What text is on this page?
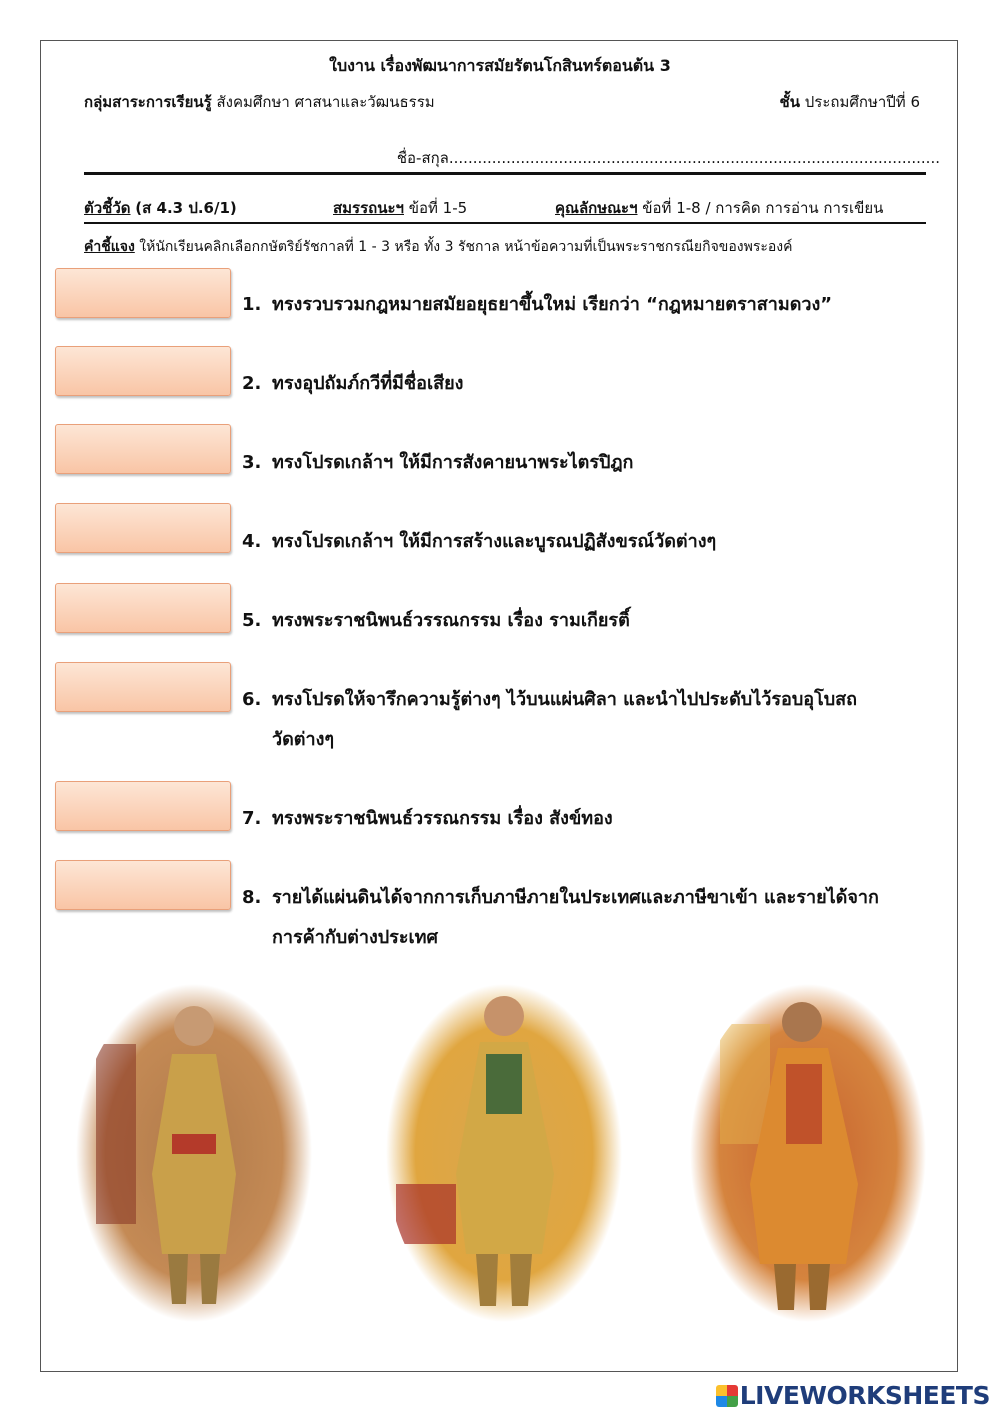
ใบงาน เรื่องพัฒนาการสมัยรัตนโกสินทร์ตอนต้น 3
กลุ่มสาระการเรียนรู้ สังคมศึกษา ศาสนาและวัฒนธรรม	ชั้น ประถมศึกษาปีที่ 6
ชื่อ-สกุล.......................................................................................................
ตัวชี้วัด (ส 4.3 ป.6/1)	สมรรถนะฯ ข้อที่ 1-5	คุณลักษณะฯ ข้อที่ 1-8 / การคิด การอ่าน การเขียน
คำชี้แจง ให้นักเรียนคลิกเลือกกษัตริย์รัชกาลที่ 1 - 3 หรือ ทั้ง 3 รัชกาล หน้าข้อความที่เป็นพระราชกรณียกิจของพระองค์
1. ทรงรวบรวมกฎหมายสมัยอยุธยาขึ้นใหม่ เรียกว่า “กฎหมายตราสามดวง”
2. ทรงอุปถัมภ์กวีที่มีชื่อเสียง
3. ทรงโปรดเกล้าฯ ให้มีการสังคายนาพระไตรปิฎก
4. ทรงโปรดเกล้าฯ ให้มีการสร้างและบูรณปฏิสังขรณ์วัดต่างๆ
5. ทรงพระราชนิพนธ์วรรณกรรม เรื่อง รามเกียรติ์
6. ทรงโปรดให้จารึกความรู้ต่างๆ ไว้บนแผ่นศิลา และนำไปประดับไว้รอบอุโบสถ
วัดต่างๆ
7. ทรงพระราชนิพนธ์วรรณกรรม เรื่อง สังข์ทอง
8. รายได้แผ่นดินได้จากการเก็บภาษีภายในประเทศและภาษีขาเข้า และรายได้จาก
การค้ากับต่างประเทศ
LIVEWORKSHEETS
